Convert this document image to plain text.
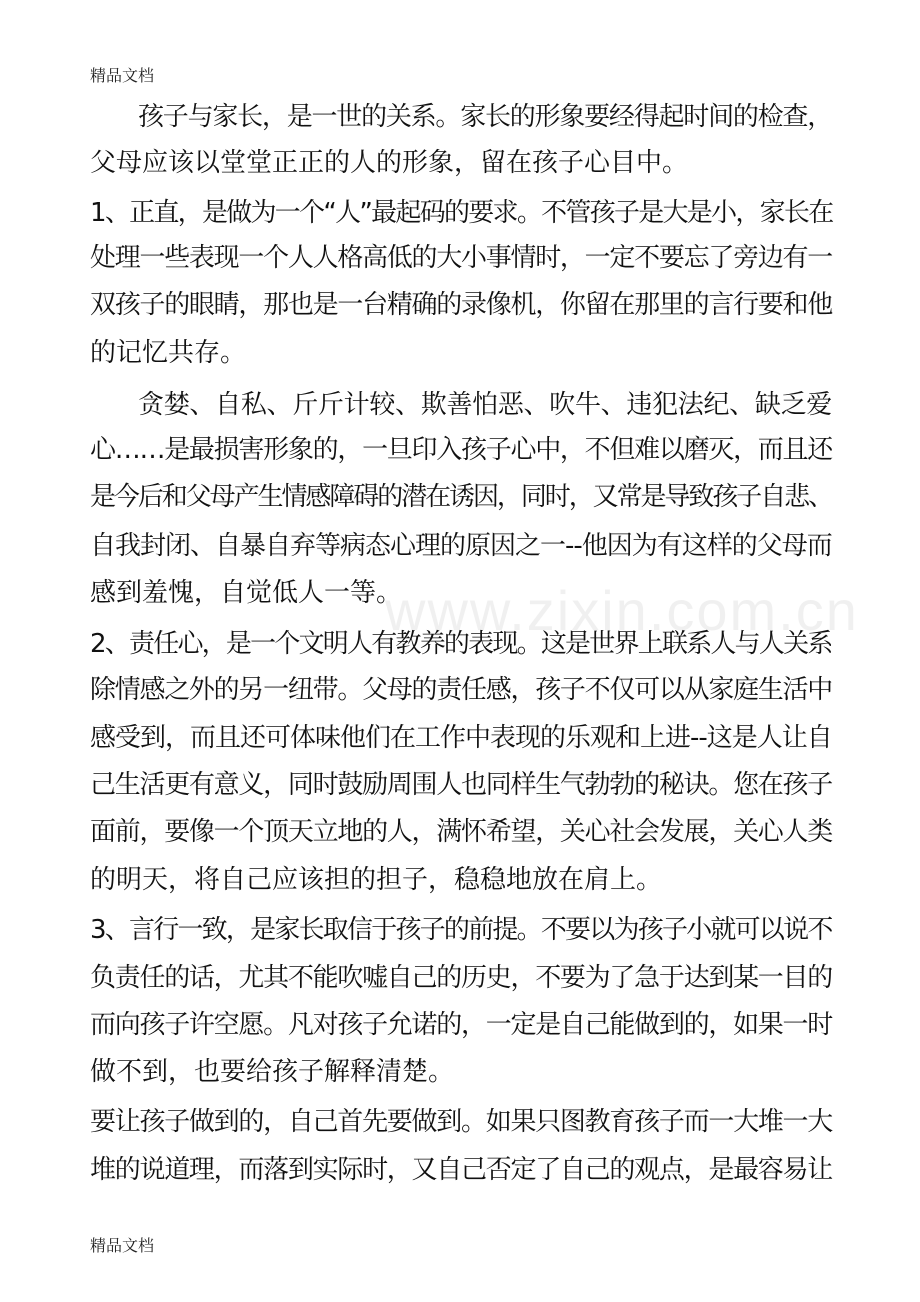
精品文档
www.zixin.com.cn
孩子与家长，是一世的关系。家长的形象要经得起时间的检查，
父母应该以堂堂正正的人的形象，留在孩子心目中。
1、正直，是做为一个“人”最起码的要求。不管孩子是大是小，家长在
处理一些表现一个人人格高低的大小事情时，一定不要忘了旁边有一
双孩子的眼睛，那也是一台精确的录像机，你留在那里的言行要和他
的记忆共存。
贪婪、自私、斤斤计较、欺善怕恶、吹牛、违犯法纪、缺乏爱
心……是最损害形象的，一旦印入孩子心中，不但难以磨灭，而且还
是今后和父母产生情感障碍的潜在诱因，同时，又常是导致孩子自悲、
自我封闭、自暴自弃等病态心理的原因之一--他因为有这样的父母而
感到羞愧，自觉低人一等。
2、责任心，是一个文明人有教养的表现。这是世界上联系人与人关系
除情感之外的另一纽带。父母的责任感，孩子不仅可以从家庭生活中
感受到，而且还可体味他们在工作中表现的乐观和上进--这是人让自
己生活更有意义，同时鼓励周围人也同样生气勃勃的秘诀。您在孩子
面前，要像一个顶天立地的人，满怀希望，关心社会发展，关心人类
的明天，将自己应该担的担子，稳稳地放在肩上。
3、言行一致，是家长取信于孩子的前提。不要以为孩子小就可以说不
负责任的话，尤其不能吹嘘自己的历史，不要为了急于达到某一目的
而向孩子许空愿。凡对孩子允诺的，一定是自己能做到的，如果一时
做不到，也要给孩子解释清楚。
要让孩子做到的，自己首先要做到。如果只图教育孩子而一大堆一大
堆的说道理，而落到实际时，又自己否定了自己的观点，是最容易让
精品文档
